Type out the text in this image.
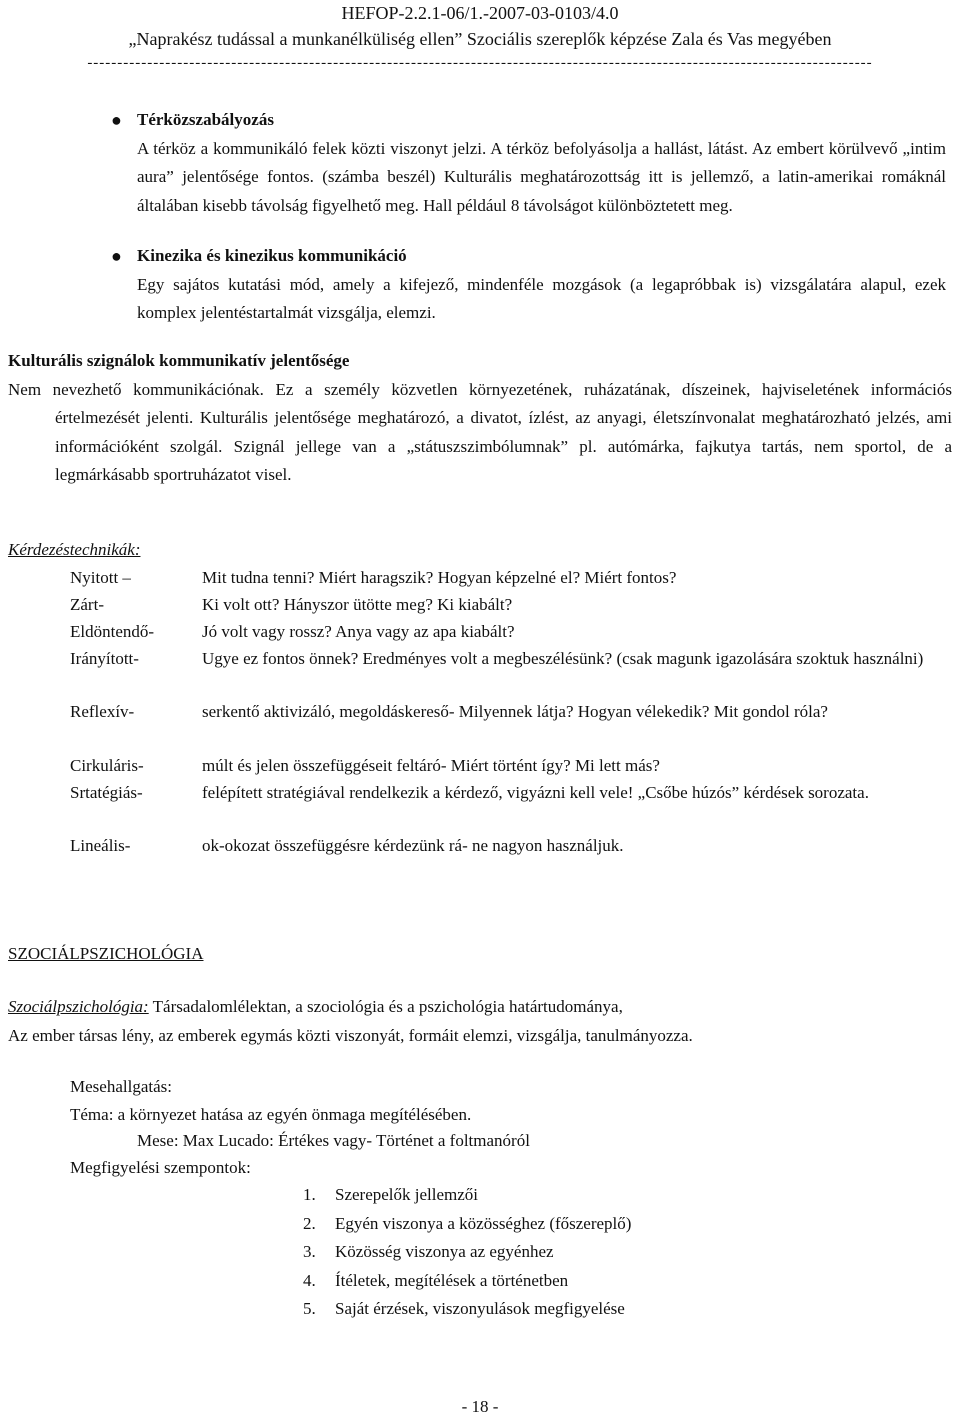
HEFOP-2.2.1-06/1.-2007-03-0103/4.0
„Naprakész tudással a munkanélküliség ellen” Szociális szereplők képzése Zala és Vas megyében
-----------------------------------------------------------------------------------------------------------------------------------
● Térközszabályozás
A térköz a kommunikáló felek közti viszonyt jelzi. A térköz befolyásolja a hallást, látást. Az embert körülvevő „intim aura” jelentősége fontos. (számba beszél) Kulturális meghatározottság itt is jellemző, a latin-amerikai romáknál általában kisebb távolság figyelhető meg. Hall például 8 távolságot különböztetett meg.
● Kinezika és kinezikus kommunikáció
Egy sajátos kutatási mód, amely a kifejező, mindenféle mozgások (a legapróbbak is) vizsgálatára alapul, ezek komplex jelentéstartalmát vizsgálja, elemzi.
Kulturális szignálok kommunikatív jelentősége
Nem nevezhető kommunikációnak. Ez a személy közvetlen környezetének, ruházatának, díszeinek, hajviseletének információs értelmezését jelenti. Kulturális jelentősége meghatározó, a divatot, ízlést, az anyagi, életszínvonalat meghatározható jelzés, ami információként szolgál. Szignál jellege van a „státuszszimbólumnak” pl. autómárka, fajkutya tartás, nem sportol, de a legmárkásabb sportruházatot visel.
Kérdezéstechnikák:
Nyitott –	Mit tudna tenni? Miért haragszik? Hogyan képzelné el? Miért fontos?
Zárt-	Ki volt ott? Hányszor ütötte meg? Ki kiabált?
Eldöntendő-	Jó volt vagy rossz? Anya vagy az apa kiabált?
Irányított-	Ugye ez fontos önnek? Eredményes volt a megbeszélésünk? (csak magunk igazolására szoktuk használni)
Reflexív-	serkentő aktivizáló, megoldáskereső- Milyennek látja? Hogyan vélekedik? Mit gondol róla?
Cirkuláris-	múlt és jelen összefüggéseit feltáró- Miért történt így? Mi lett más?
Srtatégiás-	felépített stratégiával rendelkezik a kérdező, vigyázni kell vele! „Csőbe húzós” kérdések sorozata.
Lineális-	ok-okozat összefüggésre kérdezünk rá- ne nagyon használjuk.
SZOCIÁLPSZICHOLÓGIA
Szociálpszichológia: Társadalomlélektan, a szociológia és a pszichológia határtudománya,
Az ember társas lény, az emberek egymás közti viszonyát, formáit elemzi, vizsgálja, tanulmányozza.
Mesehallgatás:
Téma: a környezet hatása az egyén önmaga megítélésében.
Mese: Max Lucado: Értékes vagy- Történet a foltmanóról
Megfigyelési szempontok:
1. Szerepelők jellemzői
2. Egyén viszonya a közösséghez (főszereplő)
3. Közösség viszonya az egyénhez
4. Ítéletek, megítélések a történetben
5. Saját érzések, viszonyulások megfigyelése
- 18 -
